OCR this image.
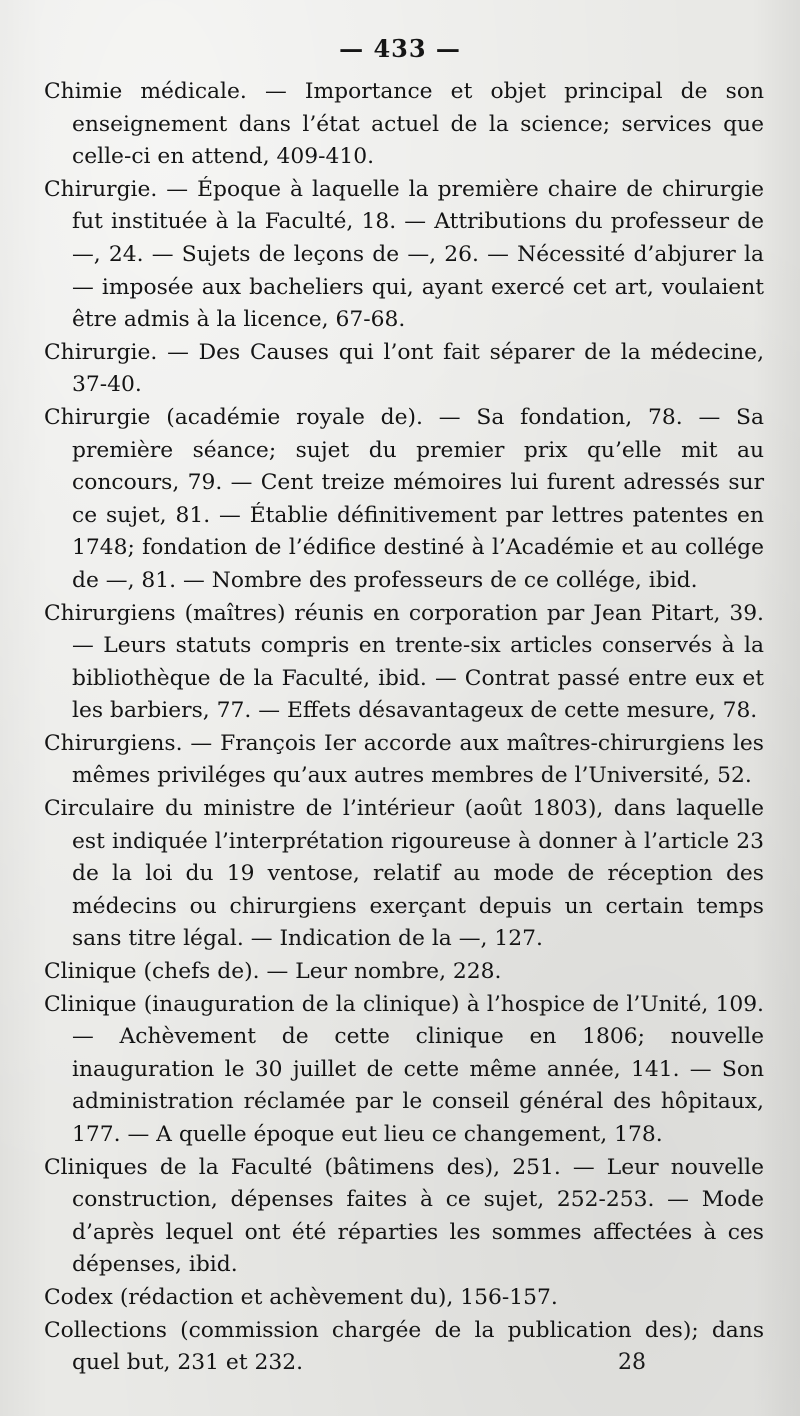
— 433 —

Chimie médicale. — Importance et objet principal de son enseignement dans l’état actuel de la science; services que celle-ci en attend, 409-410.

Chirurgie. — Époque à laquelle la première chaire de chirurgie fut instituée à la Faculté, 18. — Attributions du professeur de —, 24. — Sujets de leçons de —, 26. — Nécessité d’abjurer la — imposée aux bacheliers qui, ayant exercé cet art, voulaient être admis à la licence, 67-68.

Chirurgie. — Des Causes qui l’ont fait séparer de la médecine, 37-40.

Chirurgie (académie royale de). — Sa fondation, 78. — Sa première séance; sujet du premier prix qu’elle mit au concours, 79. — Cent treize mémoires lui furent adressés sur ce sujet, 81. — Établie définitivement par lettres patentes en 1748; fondation de l’édifice destiné à l’Académie et au collége de —, 81. — Nombre des professeurs de ce collége, ibid.

Chirurgiens (maîtres) réunis en corporation par Jean Pitart, 39. — Leurs statuts compris en trente-six articles conservés à la bibliothèque de la Faculté, ibid. — Contrat passé entre eux et les barbiers, 77. — Effets désavantageux de cette mesure, 78.

Chirurgiens. — François Ier accorde aux maîtres-chirurgiens les mêmes priviléges qu’aux autres membres de l’Université, 52.

Circulaire du ministre de l’intérieur (août 1803), dans laquelle est indiquée l’interprétation rigoureuse à donner à l’article 23 de la loi du 19 ventose, relatif au mode de réception des médecins ou chirurgiens exerçant depuis un certain temps sans titre légal. — Indication de la —, 127.

Clinique (chefs de). — Leur nombre, 228.

Clinique (inauguration de la clinique) à l’hospice de l’Unité, 109. — Achèvement de cette clinique en 1806; nouvelle inauguration le 30 juillet de cette même année, 141. — Son administration réclamée par le conseil général des hôpitaux, 177. — A quelle époque eut lieu ce changement, 178.

Cliniques de la Faculté (bâtimens des), 251. — Leur nouvelle construction, dépenses faites à ce sujet, 252-253. — Mode d’après lequel ont été réparties les sommes affectées à ces dépenses, ibid.

Codex (rédaction et achèvement du), 156-157.

Collections (commission chargée de la publication des); dans quel but, 231 et 232.	28
